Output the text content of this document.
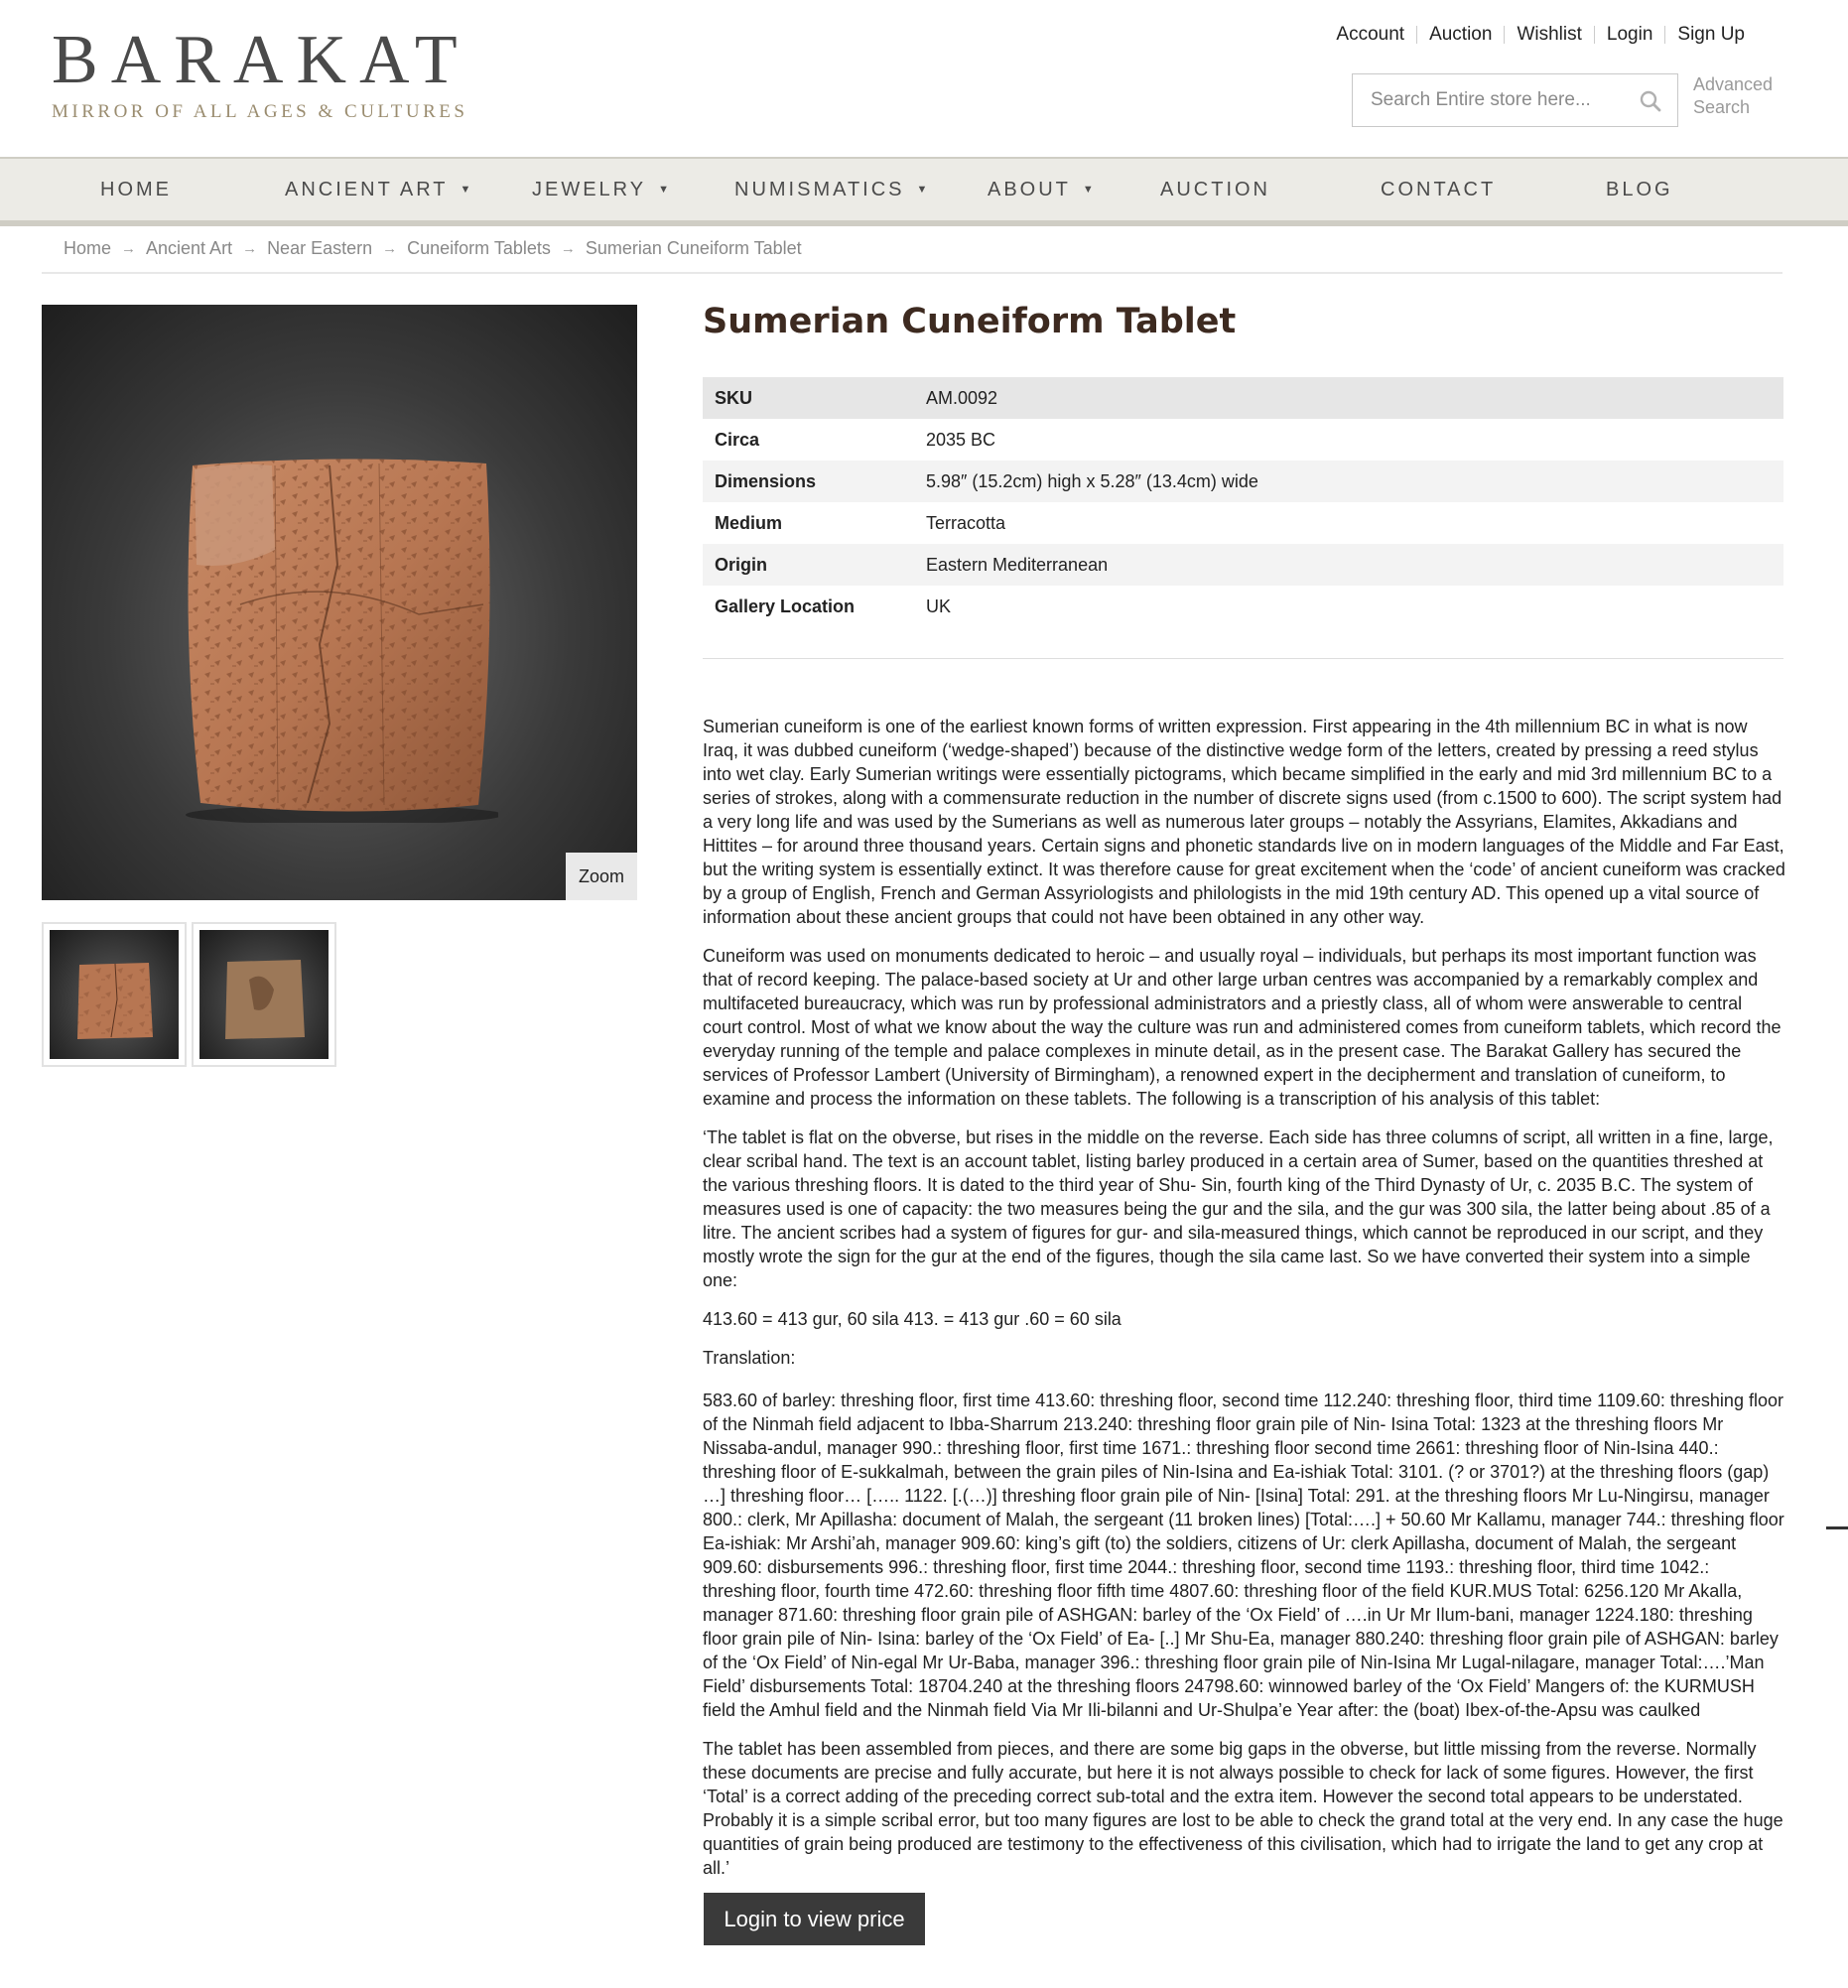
BARAKAT
MIRROR OF ALL AGES & CULTURES
Account Auction Wishlist Login Sign Up
Search Entire store here...
Advanced Search
HOME	ANCIENT ART ▼	JEWELRY ▼	NUMISMATICS ▼	ABOUT ▼	AUCTION	CONTACT	BLOG
Home → Ancient Art → Near Eastern → Cuneiform Tablets → Sumerian Cuneiform Tablet
Zoom
Sumerian Cuneiform Tablet
SKU	AM.0092
Circa	2035 BC
Dimensions	5.98″ (15.2cm) high x 5.28″ (13.4cm) wide
Medium	Terracotta
Origin	Eastern Mediterranean
Gallery Location	UK

Sumerian cuneiform is one of the earliest known forms of written expression. First appearing in the 4th millennium BC in what is now Iraq, it was dubbed cuneiform (‘wedge-shaped’) because of the distinctive wedge form of the letters, created by pressing a reed stylus into wet clay. Early Sumerian writings were essentially pictograms, which became simplified in the early and mid 3rd millennium BC to a series of strokes, along with a commensurate reduction in the number of discrete signs used (from c.1500 to 600). The script system had a very long life and was used by the Sumerians as well as numerous later groups – notably the Assyrians, Elamites, Akkadians and Hittites – for around three thousand years. Certain signs and phonetic standards live on in modern languages of the Middle and Far East, but the writing system is essentially extinct. It was therefore cause for great excitement when the ‘code’ of ancient cuneiform was cracked by a group of English, French and German Assyriologists and philologists in the mid 19th century AD. This opened up a vital source of information about these ancient groups that could not have been obtained in any other way.

Cuneiform was used on monuments dedicated to heroic – and usually royal – individuals, but perhaps its most important function was that of record keeping. The palace-based society at Ur and other large urban centres was accompanied by a remarkably complex and multifaceted bureaucracy, which was run by professional administrators and a priestly class, all of whom were answerable to central court control. Most of what we know about the way the culture was run and administered comes from cuneiform tablets, which record the everyday running of the temple and palace complexes in minute detail, as in the present case. The Barakat Gallery has secured the services of Professor Lambert (University of Birmingham), a renowned expert in the decipherment and translation of cuneiform, to examine and process the information on these tablets. The following is a transcription of his analysis of this tablet:

‘The tablet is flat on the obverse, but rises in the middle on the reverse. Each side has three columns of script, all written in a fine, large, clear scribal hand. The text is an account tablet, listing barley produced in a certain area of Sumer, based on the quantities threshed at the various threshing floors. It is dated to the third year of Shu- Sin, fourth king of the Third Dynasty of Ur, c. 2035 B.C. The system of measures used is one of capacity: the two measures being the gur and the sila, and the gur was 300 sila, the latter being about .85 of a litre. The ancient scribes had a system of figures for gur- and sila-measured things, which cannot be reproduced in our script, and they mostly wrote the sign for the gur at the end of the figures, though the sila came last. So we have converted their system into a simple one:

413.60 = 413 gur, 60 sila 413. = 413 gur .60 = 60 sila

Translation:

583.60 of barley: threshing floor, first time 413.60: threshing floor, second time 112.240: threshing floor, third time 1109.60: threshing floor of the Ninmah field adjacent to Ibba-Sharrum 213.240: threshing floor grain pile of Nin- Isina Total: 1323 at the threshing floors Mr Nissaba-andul, manager 990.: threshing floor, first time 1671.: threshing floor second time 2661: threshing floor of Nin-Isina 440.: threshing floor of E-sukkalmah, between the grain piles of Nin-Isina and Ea-ishiak Total: 3101. (? or 3701?) at the threshing floors (gap) …] threshing floor… [….. 1122. [.(…)] threshing floor grain pile of Nin- [Isina] Total: 291. at the threshing floors Mr Lu-Ningirsu, manager 800.: clerk, Mr Apillasha: document of Malah, the sergeant (11 broken lines) [Total:….] + 50.60 Mr Kallamu, manager 744.: threshing floor Ea-ishiak: Mr Arshi’ah, manager 909.60: king’s gift (to) the soldiers, citizens of Ur: clerk Apillasha, document of Malah, the sergeant 909.60: disbursements 996.: threshing floor, first time 2044.: threshing floor, second time 1193.: threshing floor, third time 1042.: threshing floor, fourth time 472.60: threshing floor fifth time 4807.60: threshing floor of the field KUR.MUS Total: 6256.120 Mr Akalla, manager 871.60: threshing floor grain pile of ASHGAN: barley of the ‘Ox Field’ of ….in Ur Mr Ilum-bani, manager 1224.180: threshing floor grain pile of Nin- Isina: barley of the ‘Ox Field’ of Ea- [..] Mr Shu-Ea, manager 880.240: threshing floor grain pile of ASHGAN: barley of the ‘Ox Field’ of Nin-egal Mr Ur-Baba, manager 396.: threshing floor grain pile of Nin-Isina Mr Lugal-nilagare, manager Total:….’Man Field’ disbursements Total: 18704.240 at the threshing floors 24798.60: winnowed barley of the ‘Ox Field’ Mangers of: the KURMUSH field the Amhul field and the Ninmah field Via Mr Ili-bilanni and Ur-Shulpa’e Year after: the (boat) Ibex-of-the-Apsu was caulked

The tablet has been assembled from pieces, and there are some big gaps in the obverse, but little missing from the reverse. Normally these documents are precise and fully accurate, but here it is not always possible to check for lack of some figures. However, the first ‘Total’ is a correct adding of the preceding correct sub-total and the extra item. However the second total appears to be understated. Probably it is a simple scribal error, but too many figures are lost to be able to check the grand total at the very end. In any case the huge quantities of grain being produced are testimony to the effectiveness of this civilisation, which had to irrigate the land to get any crop at all.’

Login to view price
